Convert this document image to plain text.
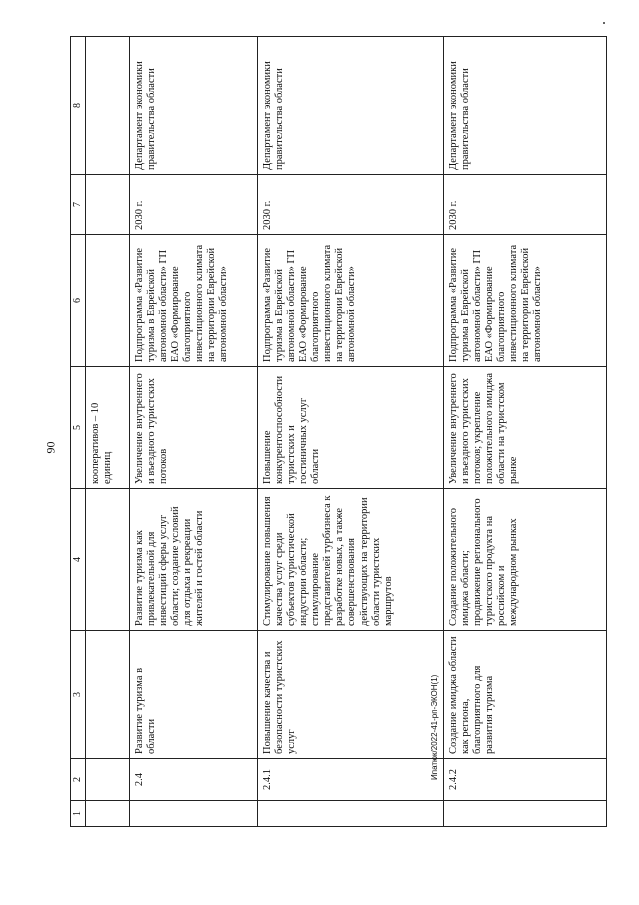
90
1	2	3	4	5	6	7	8
				кооперативов – 10 единиц			
	2.4	Развитие туризма в области	Развитие туризма как привлекательной для инвестиций сферы услуг области; создание условий для отдыха и рекреации жителей и гостей области	Увеличение внутреннего и въездного туристских потоков	Подпрограмма «Развитие туризма в Еврейской автономной области» ГП ЕАО «Формирование благоприятного инвестиционного климата на территории Еврейской автономной области»	2030 г.	Департамент экономики правительства области
	2.4.1	Повышение качества и безопасности туристских услуг	Стимулирование повышения качества услуг среди субъектов туристической индустрии области; стимулирование представителей турбизнеса к разработке новых, а также совершенствования действующих на территории области туристских маршрутов	Повышение конкурентоспособности туристских и гостиничных услуг области	Подпрограмма «Развитие туризма в Еврейской автономной области» ГП ЕАО «Формирование благоприятного инвестиционного климата на территории Еврейской автономной области»	2030 г.	Департамент экономики правительства области
	2.4.2	Создание имиджа области как региона, благоприятного для развития туризма	Создание положительного имиджа области; продвижение регионального туристского продукта на российском и международном рынках	Увеличение внутреннего и въездного туристских потоков; укрепление положительного имиджа области на туристском рынке	Подпрограмма «Развитие туризма в Еврейской автономной области» ГП ЕАО «Формирование благоприятного инвестиционного климата на территории Еврейской автономной области»	2030 г.	Департамент экономики правительства области
Ипатюк/2022-41-рп-ЭКОН(1)
